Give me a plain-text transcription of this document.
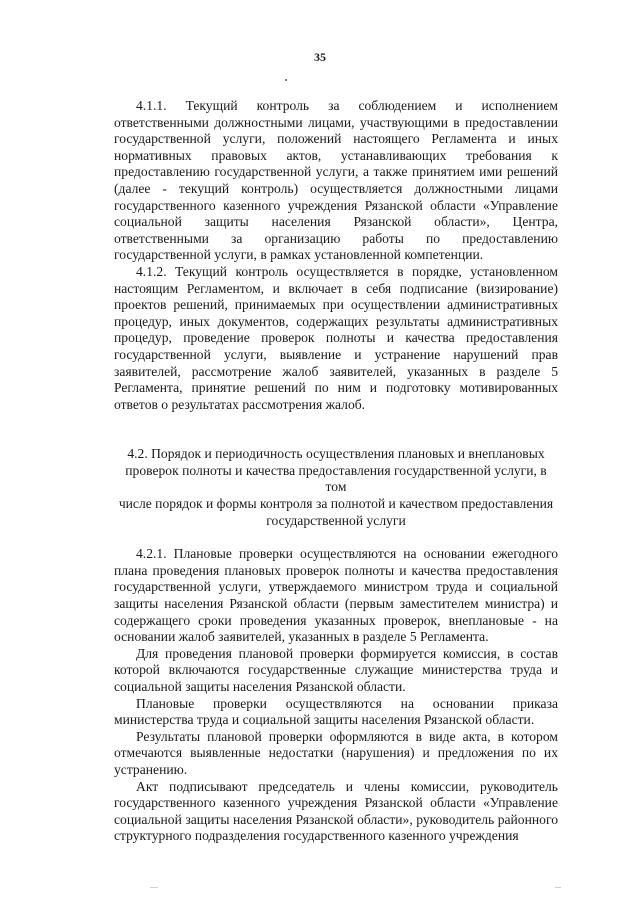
35

4.1.1. Текущий контроль за соблюдением и исполнением ответственными должностными лицами, участвующими в предоставлении государственной услуги, положений настоящего Регламента и иных нормативных правовых актов, устанавливающих требования к предоставлению государственной услуги, а также принятием ими решений (далее - текущий контроль) осуществляется должностными лицами государственного казенного учреждения Рязанской области «Управление социальной защиты населения Рязанской области», Центра, ответственными за организацию работы по предоставлению государственной услуги, в рамках установленной компетенции.

4.1.2. Текущий контроль осуществляется в порядке, установленном настоящим Регламентом, и включает в себя подписание (визирование) проектов решений, принимаемых при осуществлении административных процедур, иных документов, содержащих результаты административных процедур, проведение проверок полноты и качества предоставления государственной услуги, выявление и устранение нарушений прав заявителей, рассмотрение жалоб заявителей, указанных в разделе 5 Регламента, принятие решений по ним и подготовку мотивированных ответов о результатах рассмотрения жалоб.

4.2. Порядок и периодичность осуществления плановых и внеплановых

проверок полноты и качества предоставления государственной услуги, в том

числе порядок и формы контроля за полнотой и качеством предоставления

государственной услуги

4.2.1. Плановые проверки осуществляются на основании ежегодного плана проведения плановых проверок полноты и качества предоставления государственной услуги, утверждаемого министром труда и социальной защиты населения Рязанской области (первым заместителем министра) и содержащего сроки проведения указанных проверок, внеплановые - на основании жалоб заявителей, указанных в разделе 5 Регламента.

Для проведения плановой проверки формируется комиссия, в состав которой включаются государственные служащие министерства труда и социальной защиты населения Рязанской области.

Плановые проверки осуществляются на основании приказа министерства труда и социальной защиты населения Рязанской области.

Результаты плановой проверки оформляются в виде акта, в котором отмечаются выявленные недостатки (нарушения) и предложения по их устранению.

Акт подписывают председатель и члены комиссии, руководитель государственного казенного учреждения Рязанской области «Управление социальной защиты населения Рязанской области», руководитель районного структурного подразделения государственного казенного учреждения
